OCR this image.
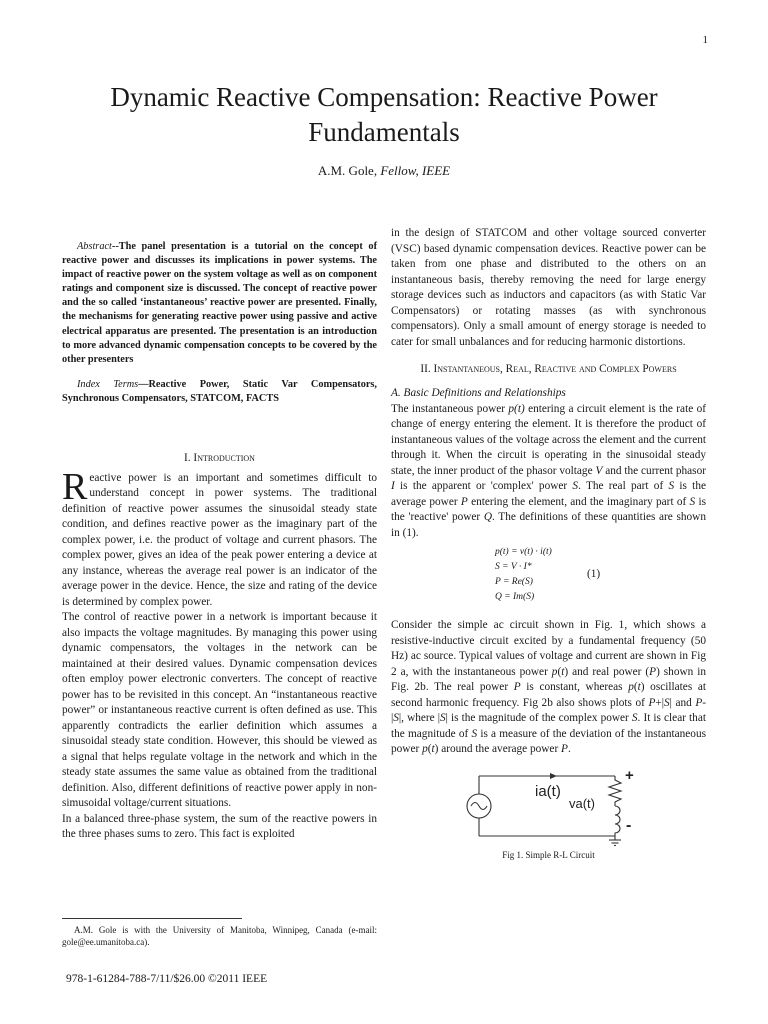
1
Dynamic Reactive Compensation: Reactive Power Fundamentals
A.M. Gole, Fellow, IEEE

Abstract--The panel presentation is a tutorial on the concept of reactive power and discusses its implications in power systems. The impact of reactive power on the system voltage as well as on component ratings and component size is discussed. The concept of reactive power and the so called ‘instantaneous’ reactive power are presented. Finally, the mechanisms for generating reactive power using passive and active electrical apparatus are presented. The presentation is an introduction to more advanced dynamic compensation concepts to be covered by the other presenters

Index Terms—Reactive Power, Static Var Compensators, Synchronous Compensators, STATCOM, FACTS

I. Introduction

Reactive power is an important and sometimes difficult to understand concept in power systems. The traditional definition of reactive power assumes the sinusoidal steady state condition, and defines reactive power as the imaginary part of the complex power, i.e. the product of voltage and current phasors. The complex power, gives an idea of the peak power entering a device at any instance, whereas the average real power is an indicator of the average power in the device. Hence, the size and rating of the device is determined by complex power.

The control of reactive power in a network is important because it also impacts the voltage magnitudes. By managing this power using dynamic compensators, the voltages in the network can be maintained at their desired values. Dynamic compensation devices often employ power electronic converters. The concept of reactive power has to be revisited in this concept. An “instantaneous reactive power” or instantaneous reactive current is often defined as use. This apparently contradicts the earlier definition which assumes a sinusoidal steady state condition. However, this should be viewed as a signal that helps regulate voltage in the network and which in the steady state assumes the same value as obtained from the traditional definition. Also, different definitions of reactive power apply in non-simusoidal voltage/current situations.

In a balanced three-phase system, the sum of the reactive powers in the three phases sums to zero. This fact is exploited

in the design of STATCOM and other voltage sourced converter (VSC) based dynamic compensation devices. Reactive power can be taken from one phase and distributed to the others on an instantaneous basis, thereby removing the need for large energy storage devices such as inductors and capacitors (as with Static Var Compensators) or rotating masses (as with synchronous compensators). Only a small amount of energy storage is needed to cater for small unbalances and for reducing harmonic distortions.

II. Instantaneous, Real, Reactive and Complex Powers

A. Basic Definitions and Relationships

The instantaneous power p(t) entering a circuit element is the rate of change of energy entering the element. It is therefore the product of instantaneous values of the voltage across the element and the current through it. When the circuit is operating in the sinusoidal steady state, the inner product of the phasor voltage V and the current phasor I is the apparent or 'complex' power S. The real part of S is the average power P entering the element, and the imaginary part of S is the 'reactive' power Q. The definitions of these quantities are shown in (1).

p(t) = v(t) · i(t)
S = V · I*
P = Re(S)
Q = Im(S)
(1)

Consider the simple ac circuit shown in Fig. 1, which shows a resistive-inductive circuit excited by a fundamental frequency (50 Hz) ac source. Typical values of voltage and current are shown in Fig 2 a, with the instantaneous power p(t) and real power (P) shown in Fig. 2b. The real power P is constant, whereas p(t) oscillates at second harmonic frequency. Fig 2b also shows plots of P+|S| and P-|S|, where |S| is the magnitude of the complex power S. It is clear that the magnitude of S is a measure of the deviation of the instantaneous power p(t) around the average power P.

ia(t)
va(t)
+
-
Fig 1. Simple R-L Circuit
A.M. Gole is with the University of Manitoba, Winnipeg, Canada (e-mail: gole@ee.umanitoba.ca).
978-1-61284-788-7/11/$26.00 ©2011 IEEE
